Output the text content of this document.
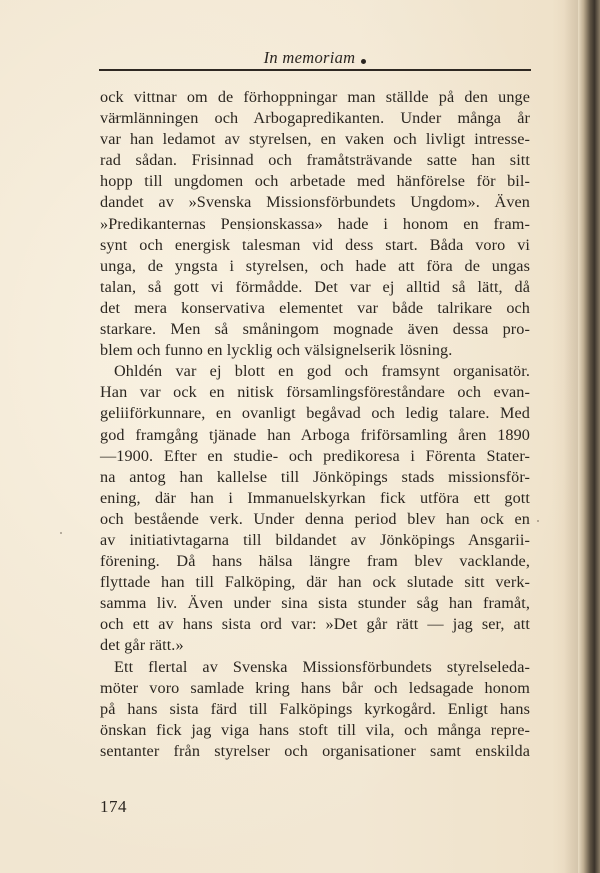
In memoriam
ock vittnar om de förhoppningar man ställde på den unge
värmlänningen och Arbogapredikanten. Under många år
var han ledamot av styrelsen, en vaken och livligt intresse-
rad sådan. Frisinnad och framåtsträvande satte han sitt
hopp till ungdomen och arbetade med hänförelse för bil-
dandet av »Svenska Missionsförbundets Ungdom». Även
»Predikanternas Pensionskassa» hade i honom en fram-
synt och energisk talesman vid dess start. Båda voro vi
unga, de yngsta i styrelsen, och hade att föra de ungas
talan, så gott vi förmådde. Det var ej alltid så lätt, då
det mera konservativa elementet var både talrikare och
starkare. Men så småningom mognade även dessa pro-
blem och funno en lycklig och välsignelserik lösning.
Ohldén var ej blott en god och framsynt organisatör.
Han var ock en nitisk församlingsföreståndare och evan-
geliiförkunnare, en ovanligt begåvad och ledig talare. Med
god framgång tjänade han Arboga friförsamling åren 1890
—1900. Efter en studie- och predikoresa i Förenta Stater-
na antog han kallelse till Jönköpings stads missionsför-
ening, där han i Immanuelskyrkan fick utföra ett gott
och bestående verk. Under denna period blev han ock en
av initiativtagarna till bildandet av Jönköpings Ansgarii-
förening. Då hans hälsa längre fram blev vacklande,
flyttade han till Falköping, där han ock slutade sitt verk-
samma liv. Även under sina sista stunder såg han framåt,
och ett av hans sista ord var: »Det går rätt — jag ser, att
det går rätt.»
Ett flertal av Svenska Missionsförbundets styrelseleda-
möter voro samlade kring hans bår och ledsagade honom
på hans sista färd till Falköpings kyrkogård. Enligt hans
önskan fick jag viga hans stoft till vila, och många repre-
sentanter från styrelser och organisationer samt enskilda
174
